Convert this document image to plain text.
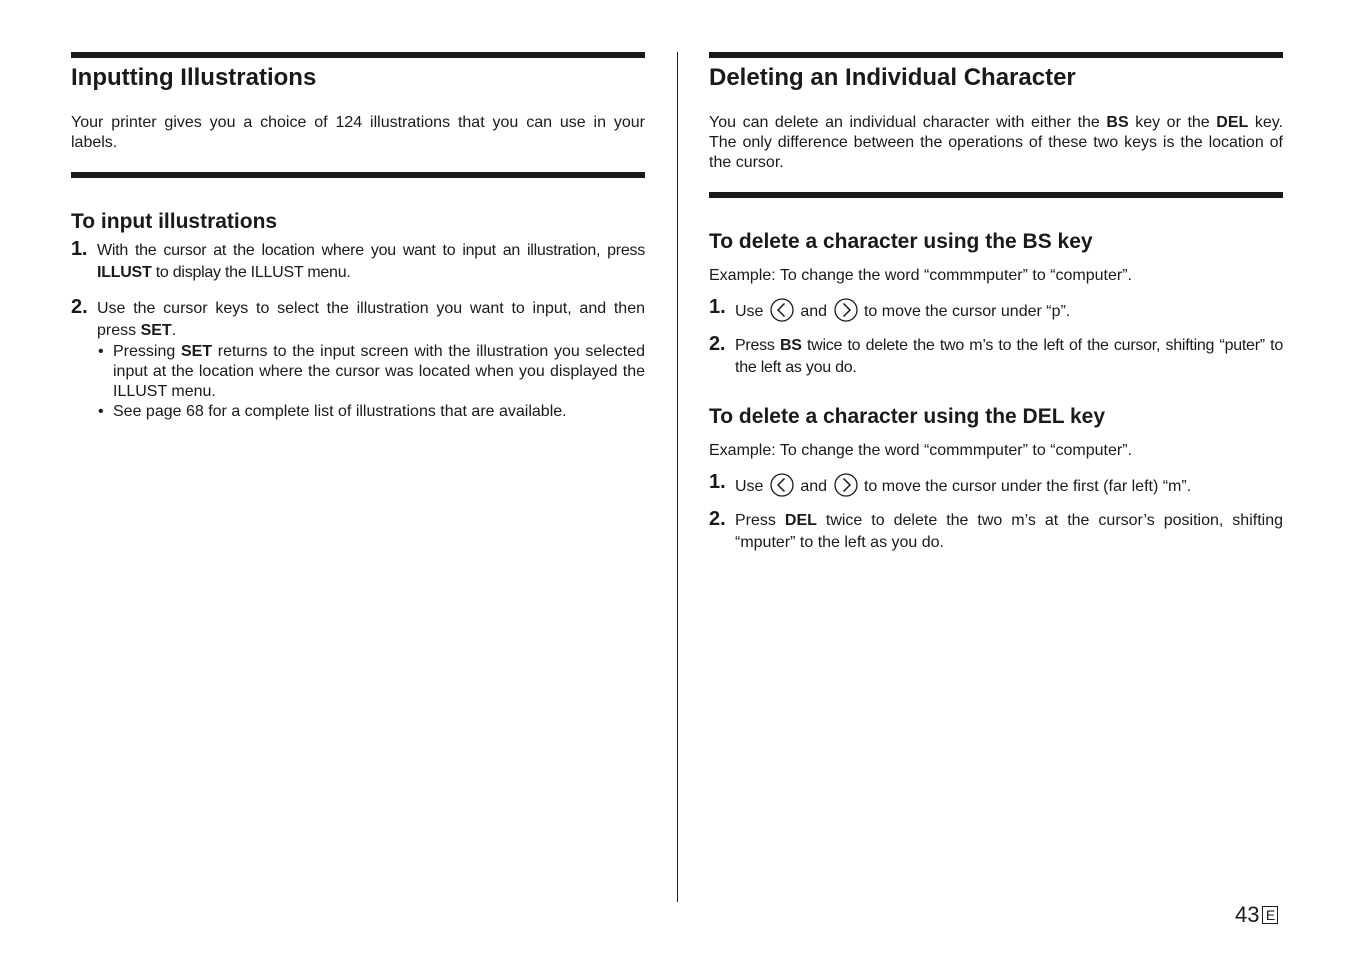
Inputting Illustrations

Your printer gives you a choice of 124 illustrations that you can use in your labels.

To input illustrations
1. With the cursor at the location where you want to input an illustration, press ILLUST to display the ILLUST menu.
2. Use the cursor keys to select the illustration you want to input, and then press SET.
• Pressing SET returns to the input screen with the illustration you selected input at the location where the cursor was located when you displayed the ILLUST menu.
• See page 68 for a complete list of illustrations that are available.
Deleting an Individual Character

You can delete an individual character with either the BS key or the DEL key. The only difference between the operations of these two keys is the location of the cursor.

To delete a character using the BS key
Example: To change the word “commmputer” to “computer”.
1. Use  and  to move the cursor under “p”.
2. Press BS twice to delete the two m’s to the left of the cursor, shifting “puter” to the left as you do.
To delete a character using the DEL key
Example: To change the word “commmputer” to “computer”.
1. Use  and  to move the cursor under the first (far left) “m”.
2. Press DEL twice to delete the two m’s at the cursor’s position, shifting “mputer” to the left as you do.
43 E
